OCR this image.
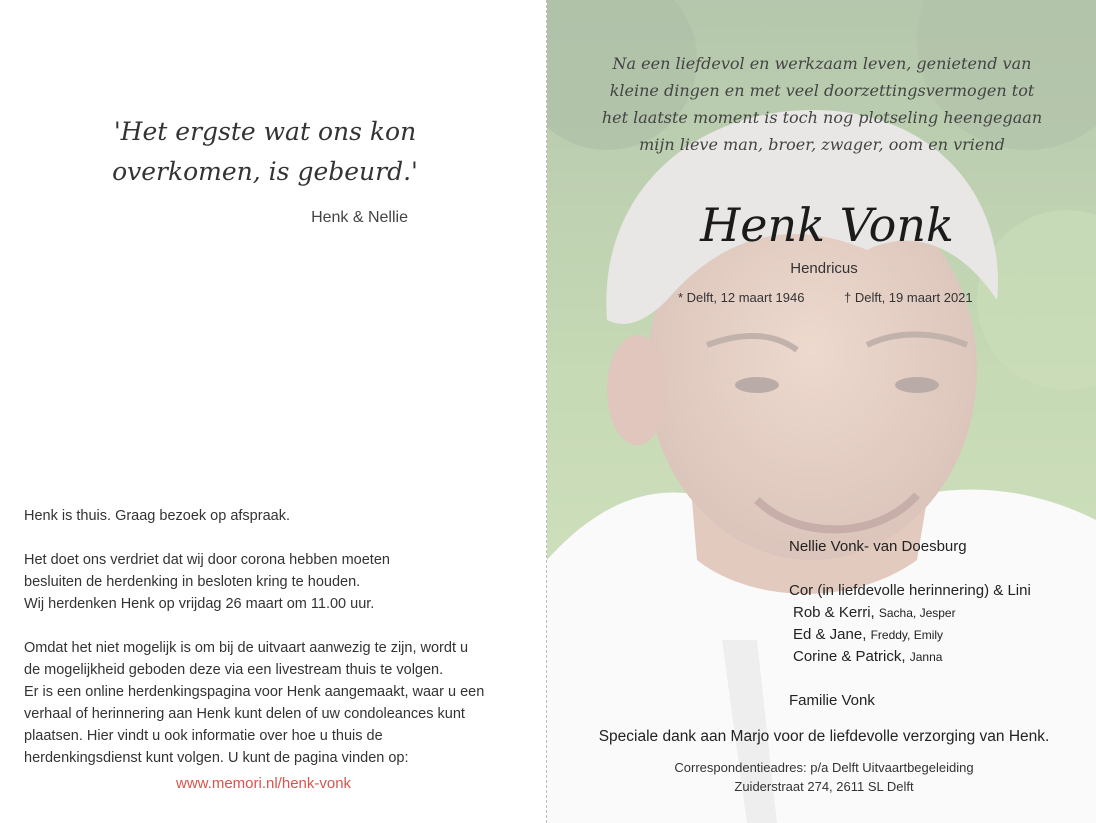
'Het ergste wat ons kon overkomen, is gebeurd.'
Henk & Nellie

Henk is thuis. Graag bezoek op afspraak.

Het doet ons verdriet dat wij door corona hebben moeten

besluiten de herdenking in besloten kring te houden.

Wij herdenken Henk op vrijdag 26 maart om 11.00 uur.

Omdat het niet mogelijk is om bij de uitvaart aanwezig te zijn, wordt u

de mogelijkheid geboden deze via een livestream thuis te volgen.

Er is een online herdenkingspagina voor Henk aangemaakt, waar u een

verhaal of herinnering aan Henk kunt delen of uw condoleances kunt

plaatsen. Hier vindt u ook informatie over hoe u thuis de

herdenkingsdienst kunt volgen. U kunt de pagina vinden op:

www.memori.nl/henk-vonk
Na een liefdevol en werkzaam leven, genietend van
kleine dingen en met veel doorzettingsvermogen tot
het laatste moment is toch nog plotseling heengegaan
mijn lieve man, broer, zwager, oom en vriend
Henk Vonk
Hendricus
* Delft, 12 maart 1946	† Delft, 19 maart 2021
Nellie Vonk- van Doesburg
Cor (in liefdevolle herinnering) & Lini
Rob & Kerri, Sacha, Jesper
Ed & Jane, Freddy, Emily
Corine & Patrick, Janna
Familie Vonk
Speciale dank aan Marjo voor de liefdevolle verzorging van Henk.
Correspondentieadres: p/a Delft Uitvaartbegeleiding
Zuiderstraat 274, 2611 SL Delft
